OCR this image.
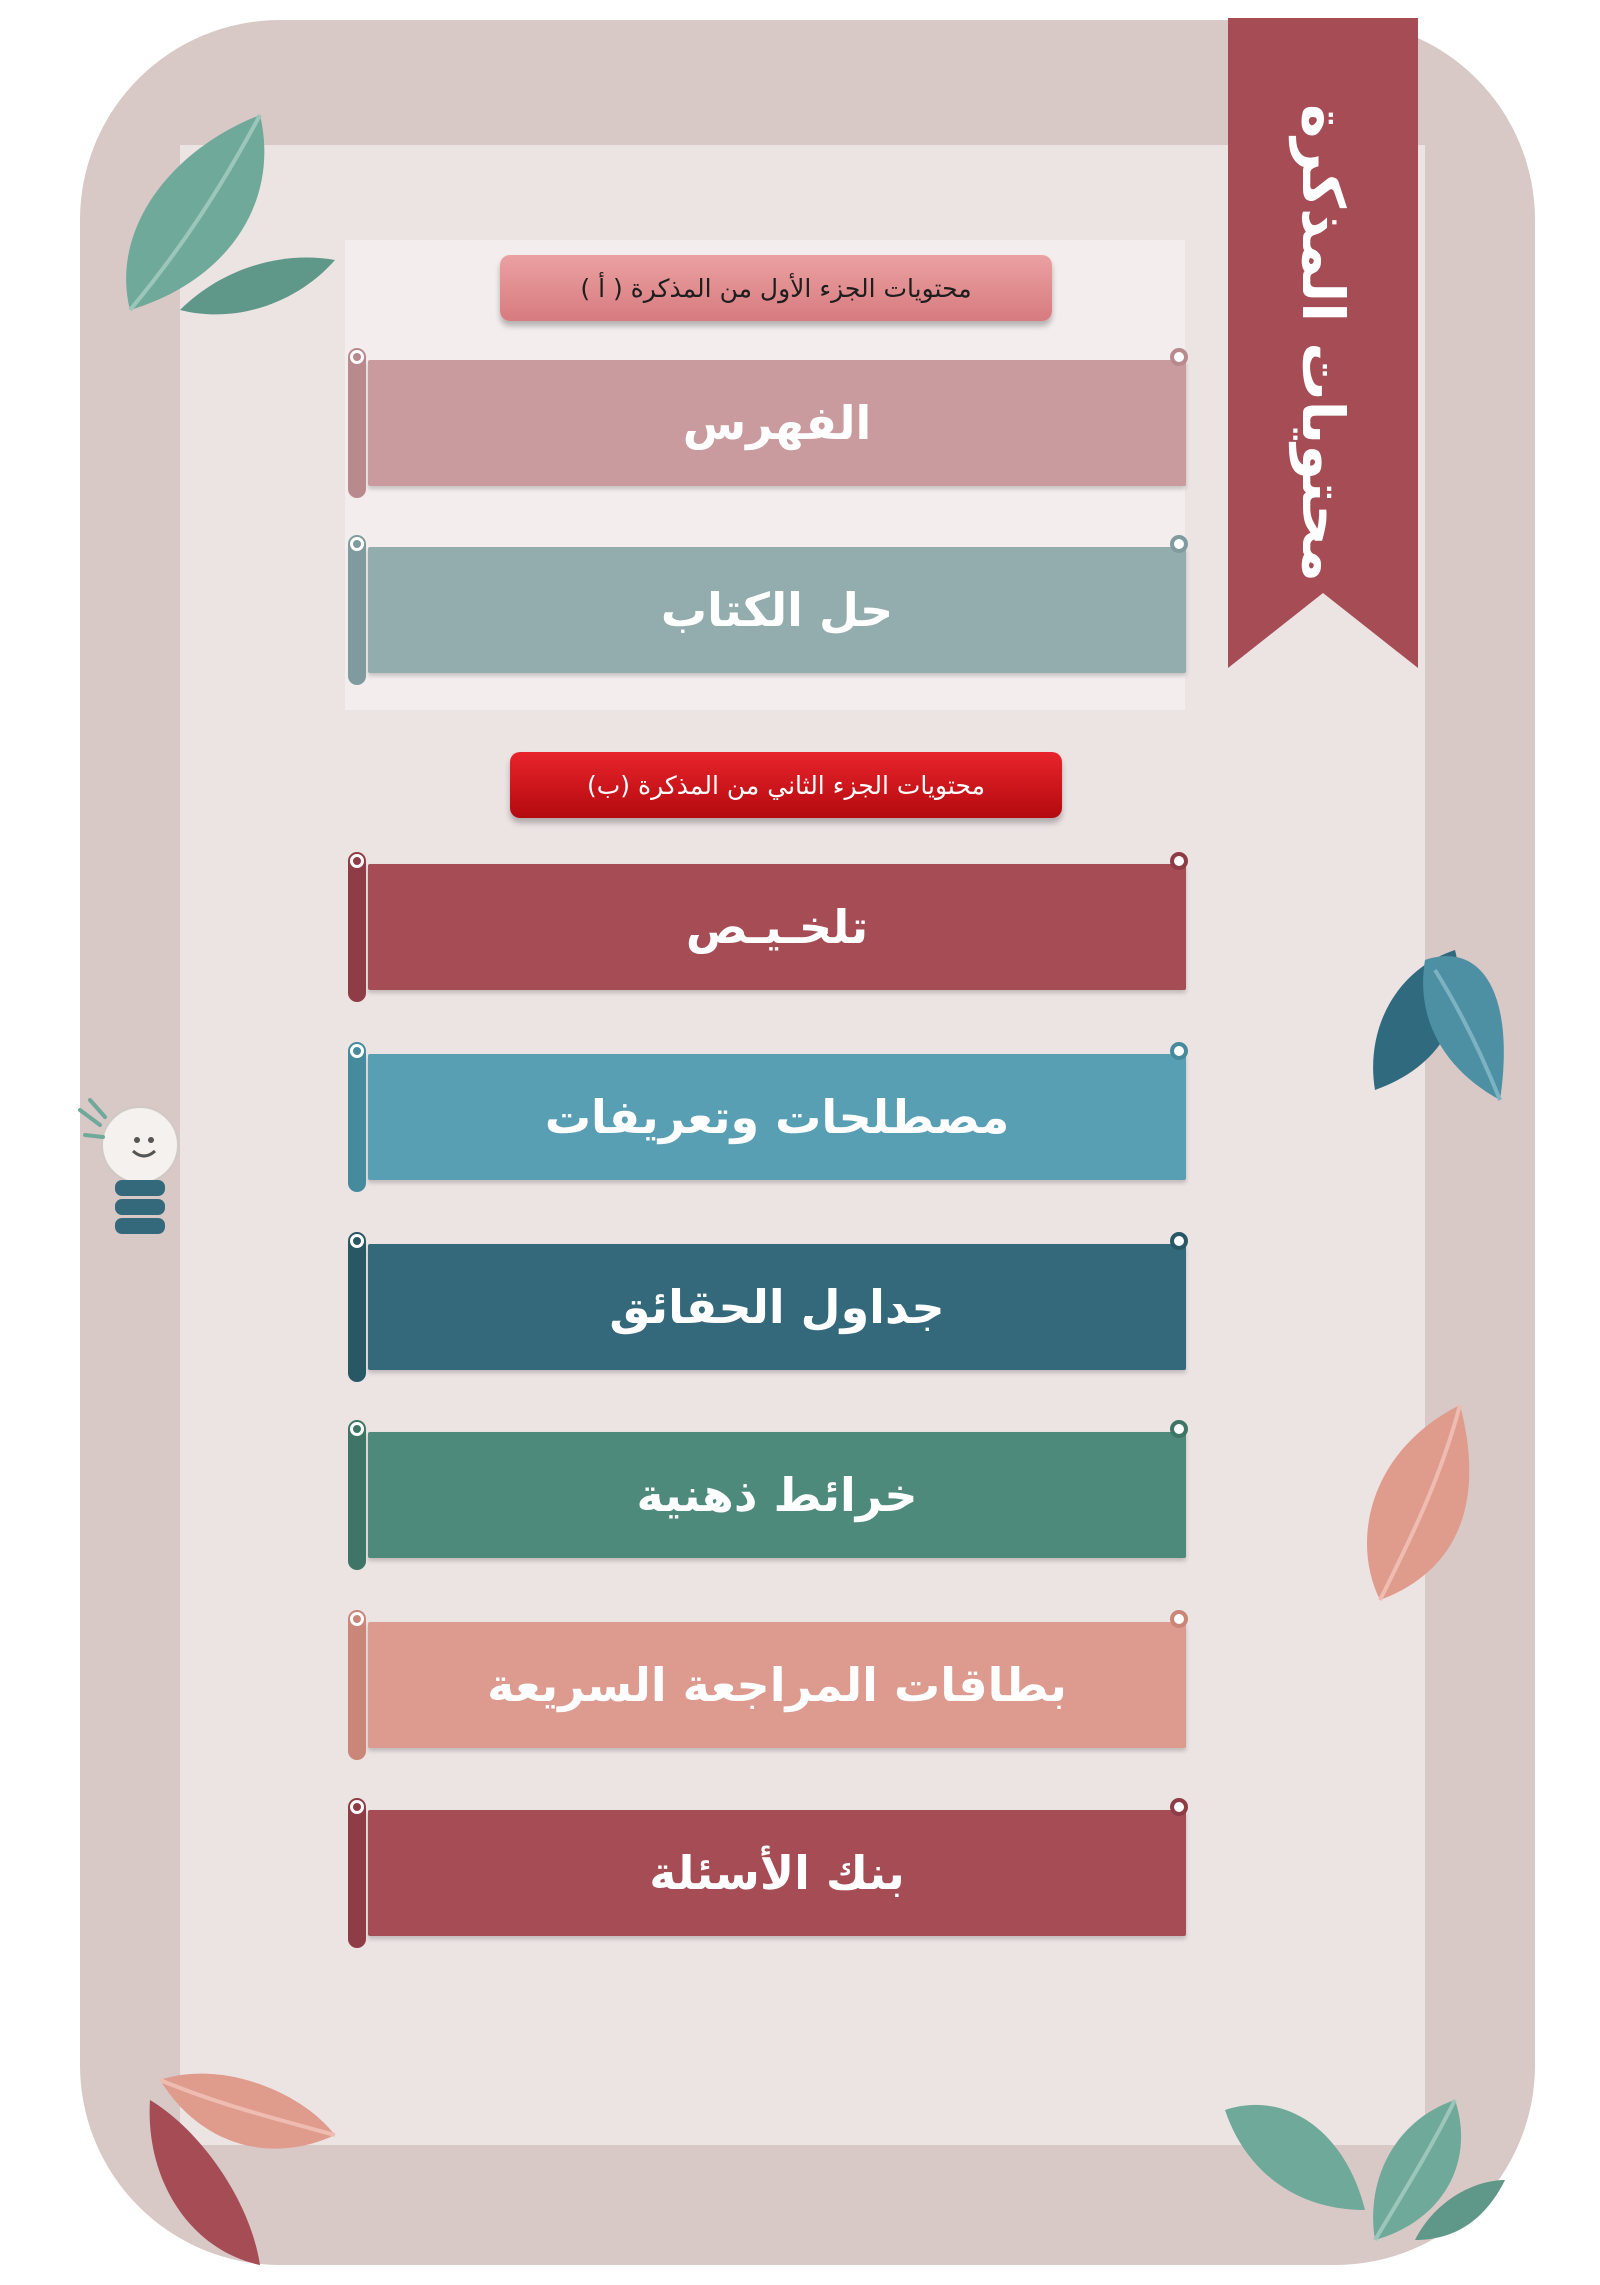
محتويات المذكرة
محتويات الجزء الأول من المذكرة ( أ )
محتويات الجزء الثاني من المذكرة (ب)
الفهرس
حل الكتاب
تلخـيـص
مصطلحات وتعريفات
جداول الحقائق
خرائط ذهنية
بطاقات المراجعة السريعة
بنك الأسئلة
